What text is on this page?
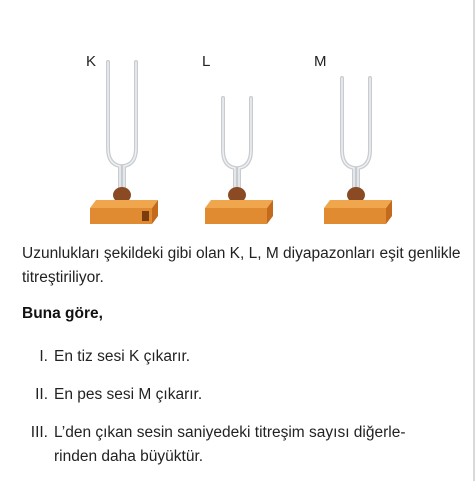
K	L	M
Uzunlukları şekildeki gibi olan K, L, M diyapazonları eşit genlikle titreştiriliyor.
Buna göre,
I. En tiz sesi K çıkarır.
II. En pes sesi M çıkarır.
III. L’den çıkan sesin saniyedeki titreşim sayısı diğerle-rinden daha büyüktür.
